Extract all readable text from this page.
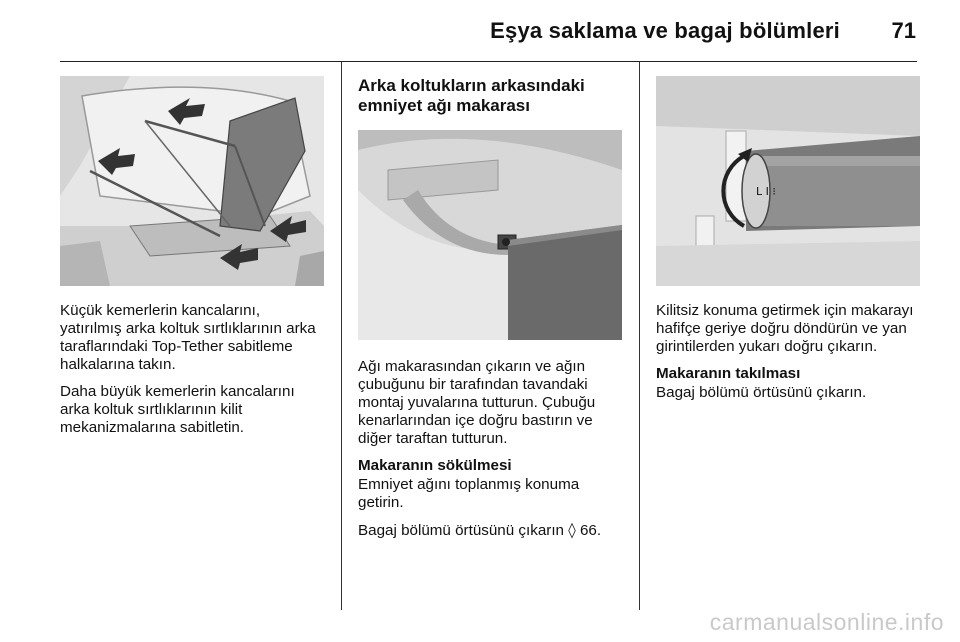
Eşya saklama ve bagaj bölümleri 71

Küçük kemerlerin kancalarını, yatırılmış arka koltuk sırtlıklarının arka taraflarındaki Top-Tether sabitleme halkalarına takın.

Daha büyük kemerlerin kancalarını arka koltuk sırtlıklarının kilit mekanizmalarına sabitletin.

Arka koltukların arkasındaki emniyet ağı makarası

Ağı makarasından çıkarın ve ağın çubuğunu bir tarafından tavandaki montaj yuvalarına tutturun. Çubuğu kenarlarından içe doğru bastırın ve diğer taraftan tutturun.

Makaranın sökülmesi

Emniyet ağını toplanmış konuma getirin.

Bagaj bölümü örtüsünü çıkarın ◊ 66.

L I ⁝

Kilitsiz konuma getirmek için makarayı hafifçe geriye doğru döndürün ve yan girintilerden yukarı doğru çıkarın.

Makaranın takılması

Bagaj bölümü örtüsünü çıkarın.

carmanualsonline.info
